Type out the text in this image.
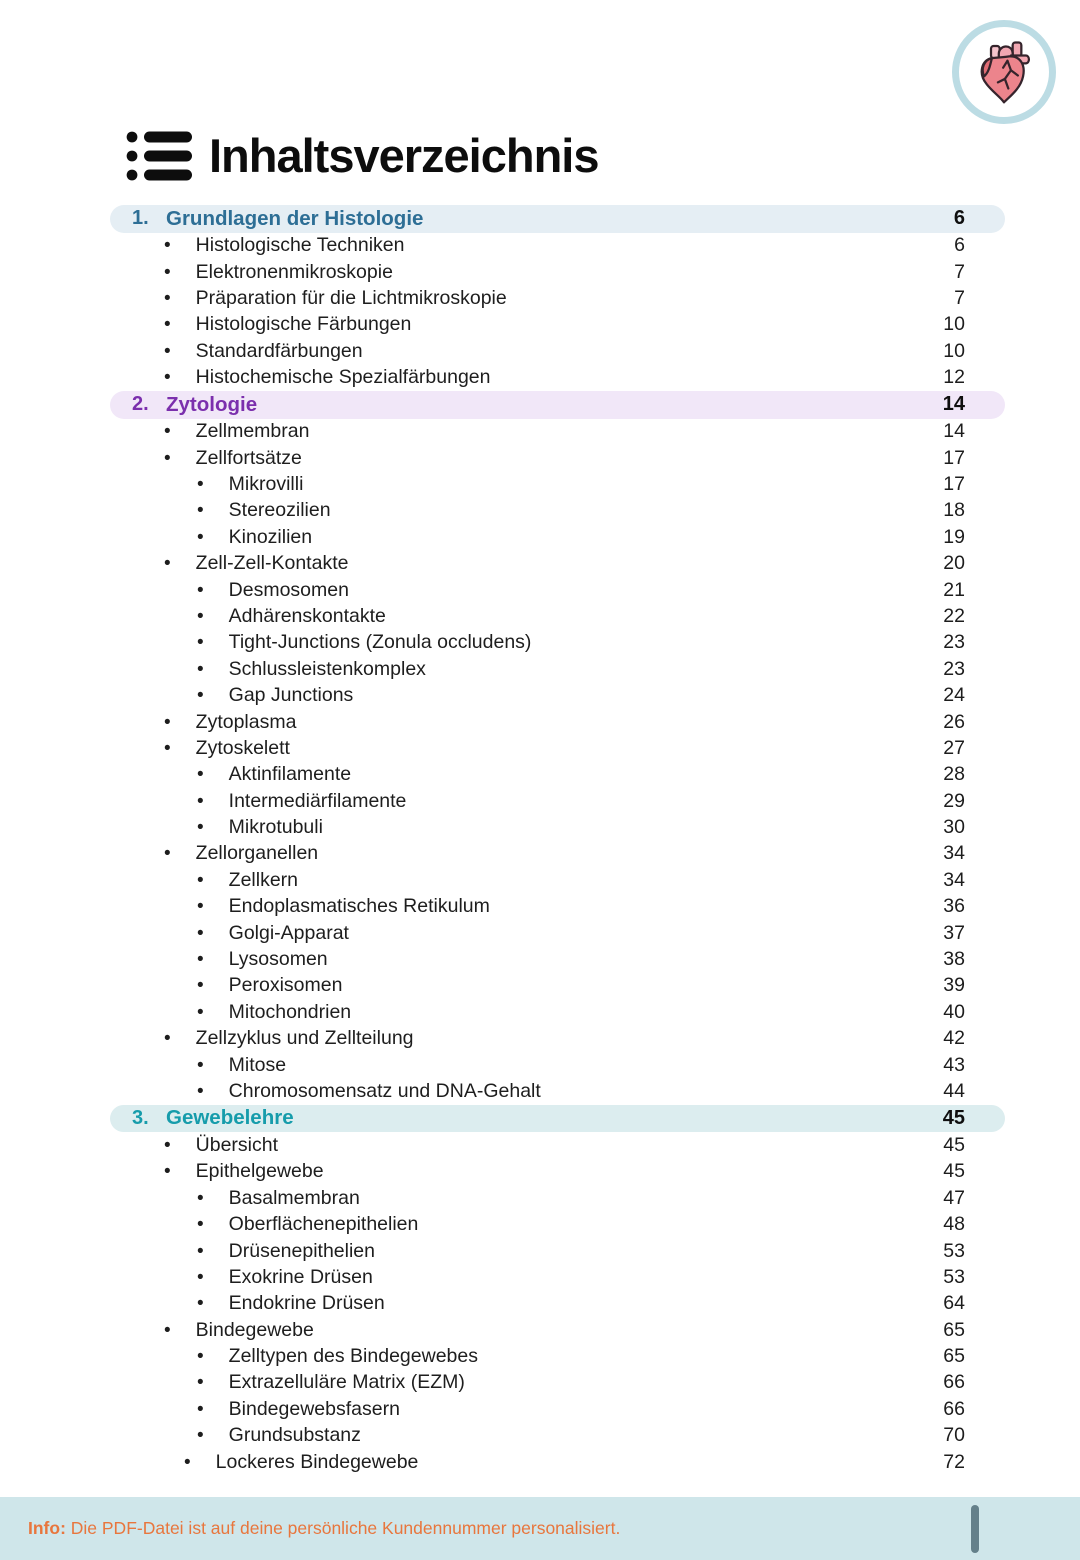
Inhaltsverzeichnis
1. Grundlagen der Histologie	6
• Histologische Techniken	6
• Elektronenmikroskopie	7
• Präparation für die Lichtmikroskopie	7
• Histologische Färbungen	10
• Standardfärbungen	10
• Histochemische Spezialfärbungen	12
2. Zytologie	14
• Zellmembran	14
• Zellfortsätze	17
• Mikrovilli	17
• Stereozilien	18
• Kinozilien	19
• Zell-Zell-Kontakte	20
• Desmosomen	21
• Adhärenskontakte	22
• Tight-Junctions (Zonula occludens)	23
• Schlussleistenkomplex	23
• Gap Junctions	24
• Zytoplasma	26
• Zytoskelett	27
• Aktinfilamente	28
• Intermediärfilamente	29
• Mikrotubuli	30
• Zellorganellen	34
• Zellkern	34
• Endoplasmatisches Retikulum	36
• Golgi-Apparat	37
• Lysosomen	38
• Peroxisomen	39
• Mitochondrien	40
• Zellzyklus und Zellteilung	42
• Mitose	43
• Chromosomensatz und DNA-Gehalt	44
3. Gewebelehre	45
• Übersicht	45
• Epithelgewebe	45
• Basalmembran	47
• Oberflächenepithelien	48
• Drüsenepithelien	53
• Exokrine Drüsen	53
• Endokrine Drüsen	64
• Bindegewebe	65
• Zelltypen des Bindegewebes	65
• Extrazelluläre Matrix (EZM)	66
• Bindegewebsfasern	66
• Grundsubstanz	70
• Lockeres Bindegewebe	72
Info: Die PDF-Datei ist auf deine persönliche Kundennummer personalisiert.
